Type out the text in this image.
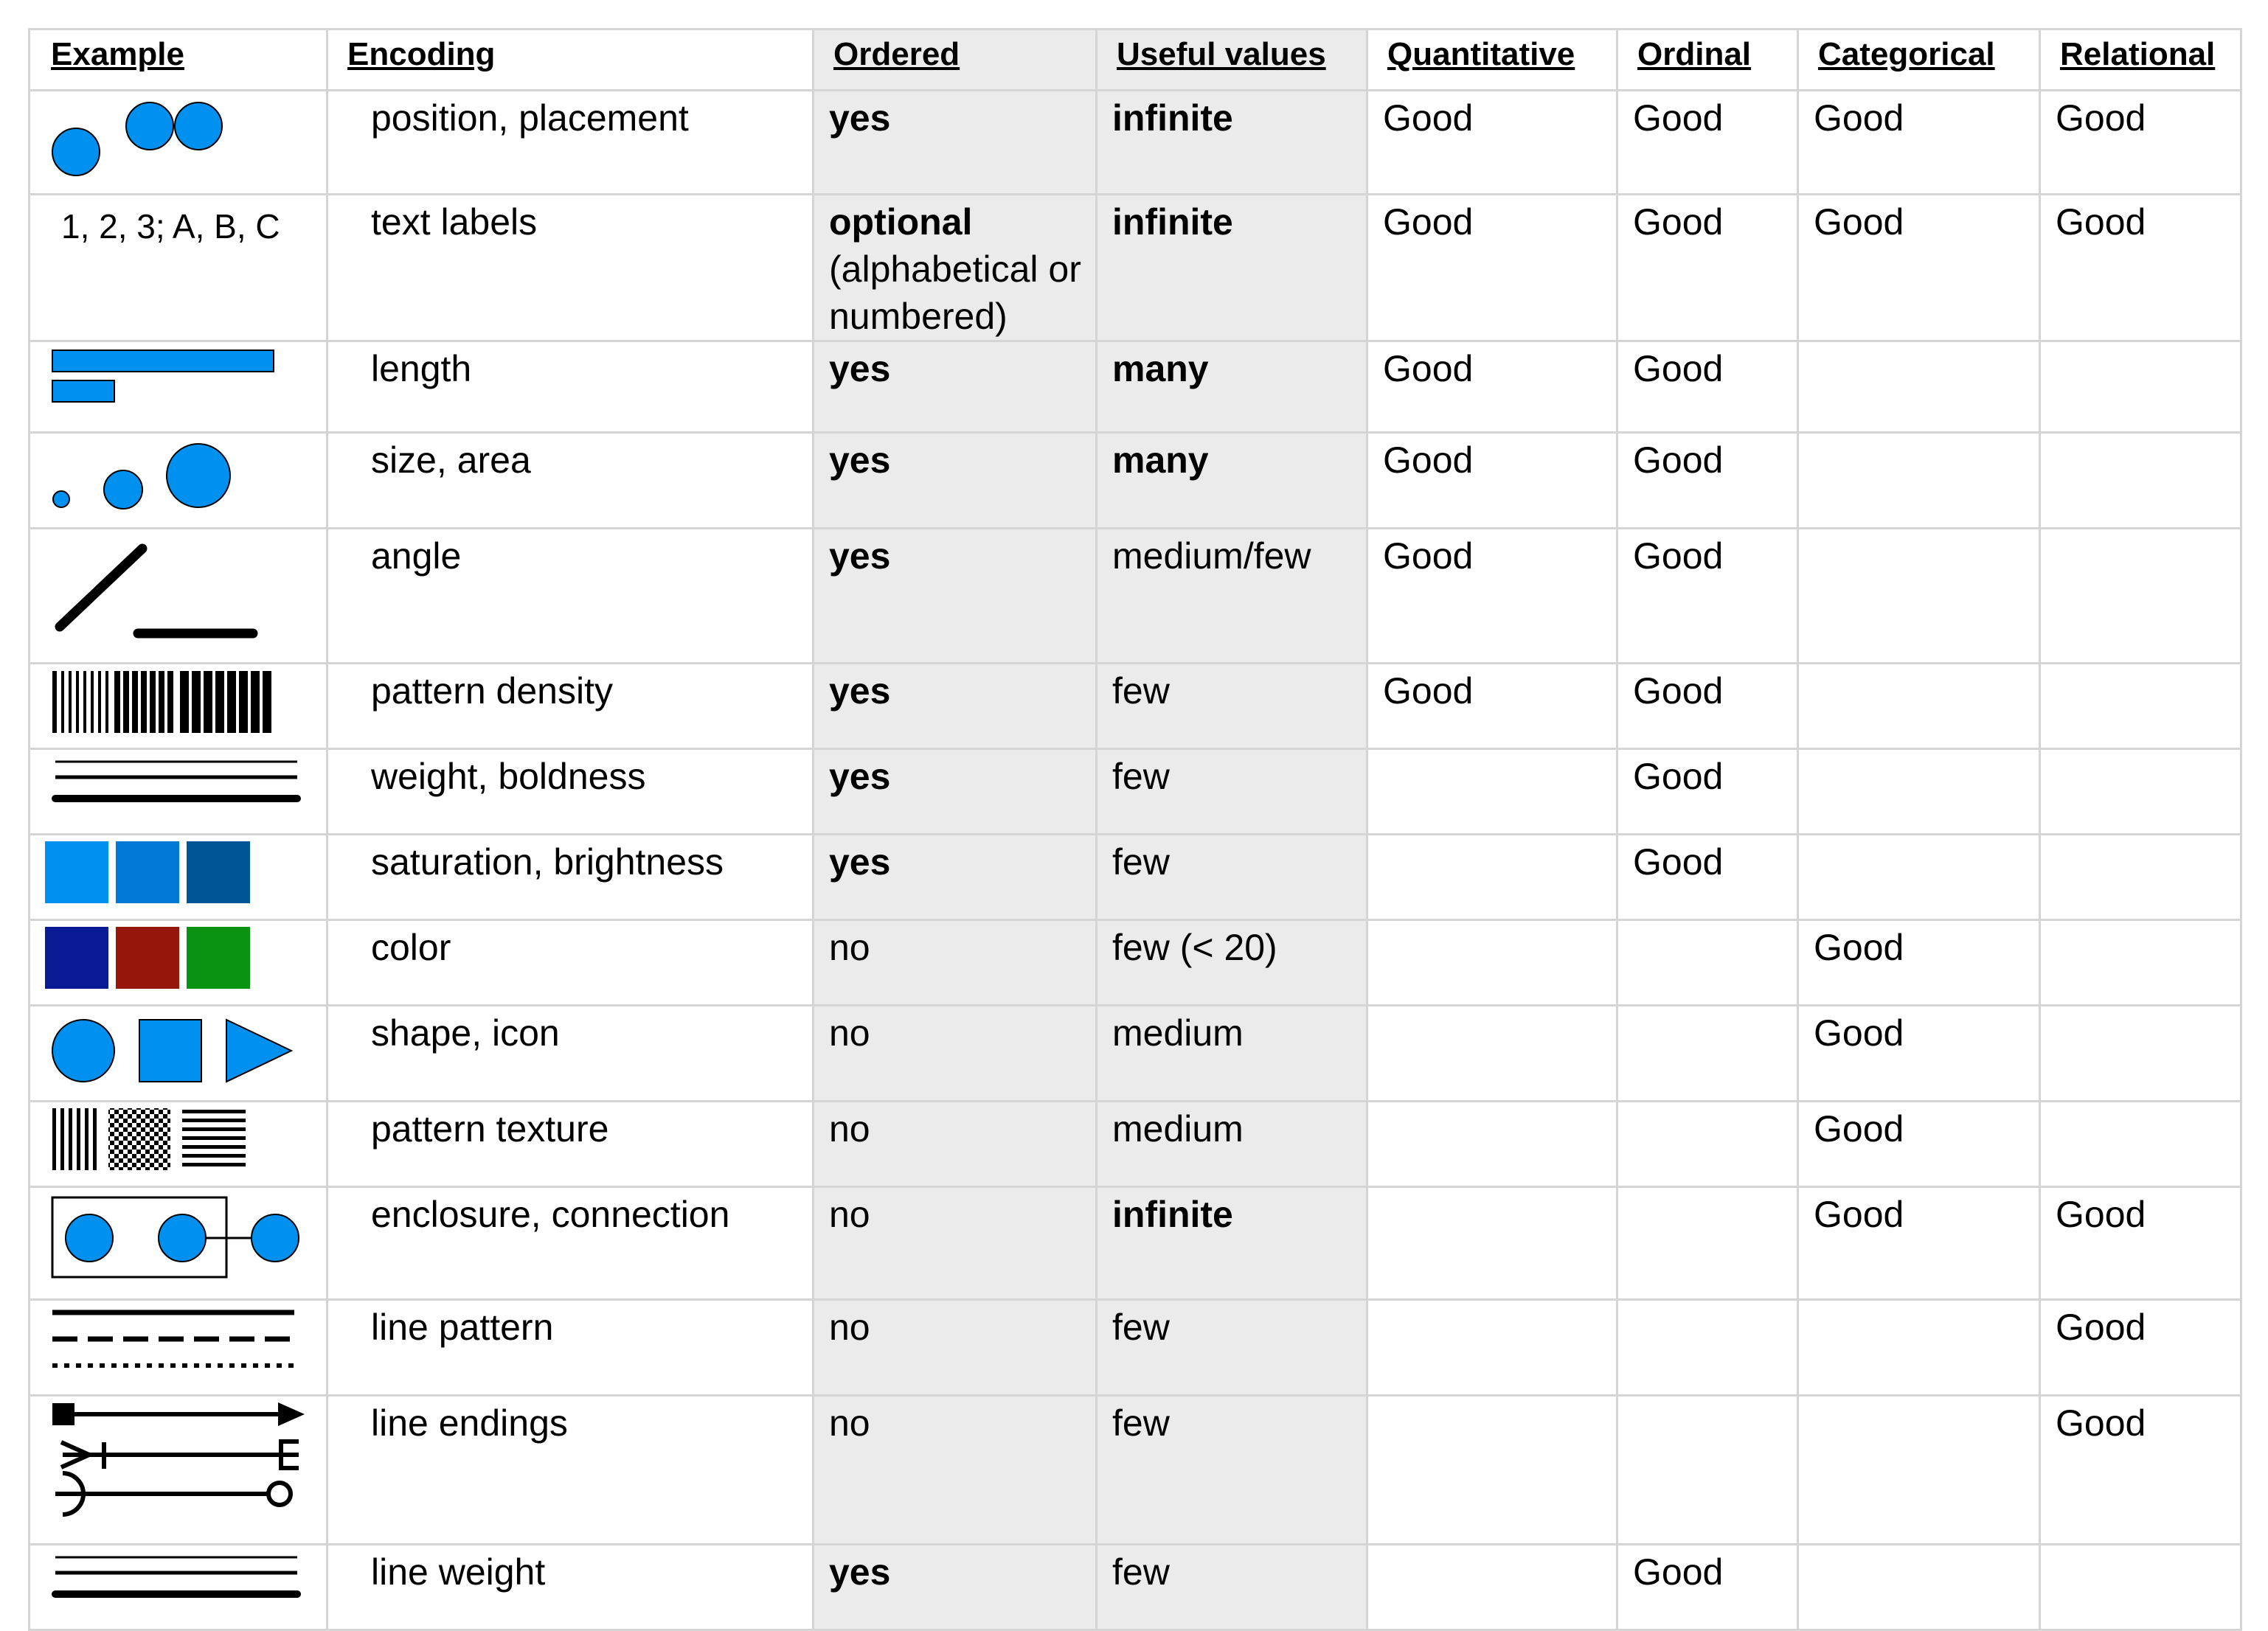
Example	Encoding	Ordered	Useful values	Quantitative	Ordinal	Categorical	Relational

	position, placement	yes	infinite	Good	Good	Good	Good

1, 2, 3; A, B, C	text labels	optional
(alphabetical or numbered)	infinite	Good	Good	Good	Good

	length	yes	many	Good	Good		

	size, area	yes	many	Good	Good		

	angle	yes	medium/few	Good	Good		

	pattern density	yes	few	Good	Good		

	weight, boldness	yes	few		Good		

	saturation, brightness	yes	few		Good		

	color	no	few (< 20)			Good	

	shape, icon	no	medium			Good	

	pattern texture	no	medium			Good	

	enclosure, connection	no	infinite			Good	Good

	line pattern	no	few				Good

	line endings	no	few				Good

	line weight	yes	few		Good		
